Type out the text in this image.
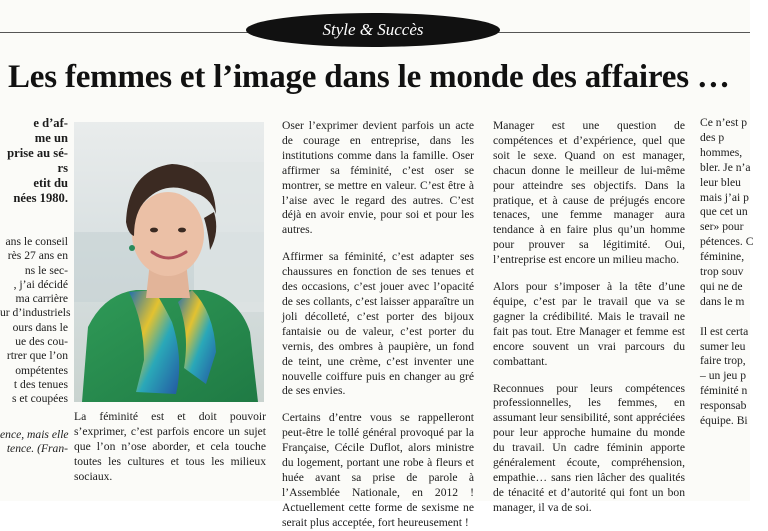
Style & Succès
Les femmes et l’image dans le monde des affaires …

e d’af-

me un

prise au sé-

rs

etit du

nées 1980.

ans le conseil

rès 27 ans en

ns le sec-

, j’ai décidé

ma carrière

ur d’industriels

ours dans le

ue des cou-

rtrer que l’on

ompétentes

t des tenues

s et coupées

ence, mais elle

tence. (Fran-

La féminité est et doit pouvoir s’exprimer, c’est parfois encore un sujet que l’on n’ose aborder, et cela touche toutes les cultures et tous les milieux sociaux.

Oser l’exprimer devient parfois un acte de courage en entreprise, dans les institutions comme dans la famille. Oser affirmer sa féminité, c’est oser se montrer, se mettre en valeur. C’est être à l’aise avec le regard des autres. C’est déjà en avoir envie, pour soi et pour les autres.

Affirmer sa féminité, c’est adapter ses chaussures en fonction de ses tenues et des occasions, c’est jouer avec l’opacité de ses collants, c’est laisser apparaître un joli décolleté, c’est porter des bijoux fantaisie ou de valeur, c’est porter du vernis, des ombres à paupière, un fond de teint, une crème, c’est inventer une nouvelle coiffure puis en changer au gré de ses envies.

Certains d’entre vous se rappelleront peut-être le tollé général provoqué par la Française, Cécile Duflot, alors ministre du logement, portant une robe à fleurs et huée avant sa prise de parole à l’Assemblée Nationale, en 2012 ! Actuellement cette forme de sexisme ne serait plus acceptée, fort heureusement !

Manager est une question de compétences et d’expérience, quel que soit le sexe. Quand on est manager, chacun donne le meilleur de lui-même pour atteindre ses objectifs. Dans la pratique, et à cause de préjugés encore tenaces, une femme manager aura tendance à en faire plus qu’un homme pour prouver sa légitimité. Oui, l’entreprise est encore un milieu macho.

Alors pour s’imposer à la tête d’une équipe, c’est par le travail que va se gagner la crédibilité. Mais le travail ne fait pas tout. Etre Manager et femme est encore souvent un vrai parcours du combattant.

Reconnues pour leurs compétences professionnelles, les femmes, en assumant leur sensibilité, sont appréciées pour leur approche humaine du monde du travail. Un cadre féminin apporte généralement écoute, compréhension, empathie… sans rien lâcher des qualités de ténacité et d’autorité qui font un bon manager, il va de soi.

Ce n’est p

des p

hommes,

bler. Je n’a

leur bleu

mais j’ai p

que cet un

ser» pour

pétences. C

féminine,

trop souv

qui ne de

dans le m

Il est certa

sumer leu

faire trop,

– un jeu p

féminité n

responsab

équipe. Bi
